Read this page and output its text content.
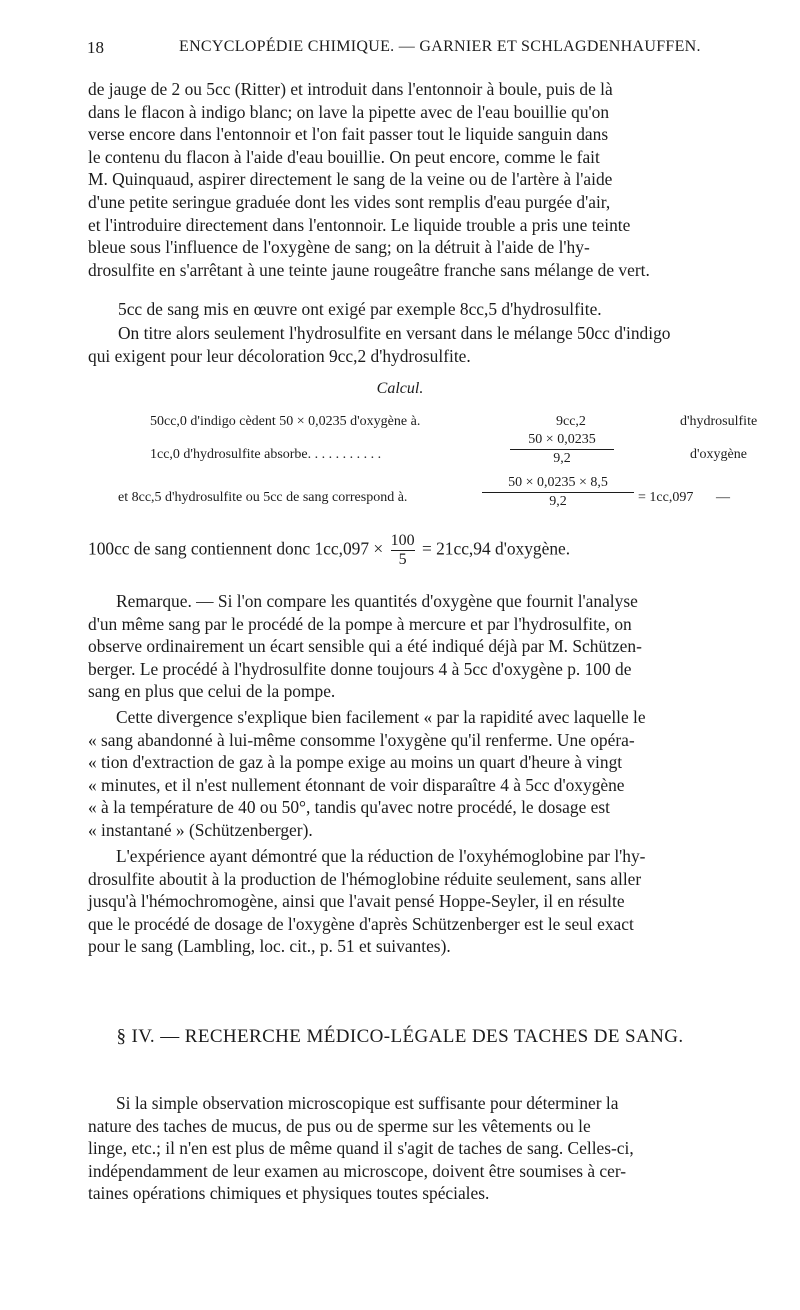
18	ENCYCLOPÉDIE CHIMIQUE. — GARNIER ET SCHLAGDENHAUFFEN.
de jauge de 2 ou 5cc (Ritter) et introduit dans l'entonnoir à boule, puis de là
dans le flacon à indigo blanc; on lave la pipette avec de l'eau bouillie qu'on
verse encore dans l'entonnoir et l'on fait passer tout le liquide sanguin dans
le contenu du flacon à l'aide d'eau bouillie. On peut encore, comme le fait
M. Quinquaud, aspirer directement le sang de la veine ou de l'artère à l'aide
d'une petite seringue graduée dont les vides sont remplis d'eau purgée d'air,
et l'introduire directement dans l'entonnoir. Le liquide trouble a pris une teinte
bleue sous l'influence de l'oxygène de sang; on la détruit à l'aide de l'hy-
drosulfite en s'arrêtant à une teinte jaune rougeâtre franche sans mélange de vert.
5cc de sang mis en œuvre ont exigé par exemple 8cc,5 d'hydrosulfite.
On titre alors seulement l'hydrosulfite en versant dans le mélange 50cc d'indigo
qui exigent pour leur décoloration 9cc,2 d'hydrosulfite.
Calcul.
50cc,0 d'indigo cèdent 50 × 0,0235 d'oxygène à.	9cc,2	d'hydrosulfite
1cc,0 d'hydrosulfite absorbe. . . . . . . . . . .	$\frac{50 \times 0,0235}{9,2}$	d'oxygène
et 8cc,5 d'hydrosulfite ou 5cc de sang correspond à.	$\frac{50 \times 0,0235 \times 8,5}{9,2} = 1cc,097$ —
100cc de sang contiennent donc $1cc,097 \times \frac{100}{5} = 21cc,94$ d'oxygène.
Remarque. — Si l'on compare les quantités d'oxygène que fournit l'analyse
d'un même sang par le procédé de la pompe à mercure et par l'hydrosulfite, on
observe ordinairement un écart sensible qui a été indiqué déjà par M. Schützen-
berger. Le procédé à l'hydrosulfite donne toujours 4 à 5cc d'oxygène p. 100 de
sang en plus que celui de la pompe.
Cette divergence s'explique bien facilement « par la rapidité avec laquelle le
« sang abandonné à lui-même consomme l'oxygène qu'il renferme. Une opéra-
« tion d'extraction de gaz à la pompe exige au moins un quart d'heure à vingt
« minutes, et il n'est nullement étonnant de voir disparaître 4 à 5cc d'oxygène
« à la température de 40 ou 50°, tandis qu'avec notre procédé, le dosage est
« instantané » (Schützenberger).
L'expérience ayant démontré que la réduction de l'oxyhémoglobine par l'hy-
drosulfite aboutit à la production de l'hémoglobine réduite seulement, sans aller
jusqu'à l'hémochromogène, ainsi que l'avait pensé Hoppe-Seyler, il en résulte
que le procédé de dosage de l'oxygène d'après Schützenberger est le seul exact
pour le sang (Lambling, loc. cit., p. 51 et suivantes).
§ IV. — RECHERCHE MÉDICO-LÉGALE DES TACHES DE SANG.
Si la simple observation microscopique est suffisante pour déterminer la
nature des taches de mucus, de pus ou de sperme sur les vêtements ou le
linge, etc.; il n'en est plus de même quand il s'agit de taches de sang. Celles-ci,
indépendamment de leur examen au microscope, doivent être soumises à cer-
taines opérations chimiques et physiques toutes spéciales.
